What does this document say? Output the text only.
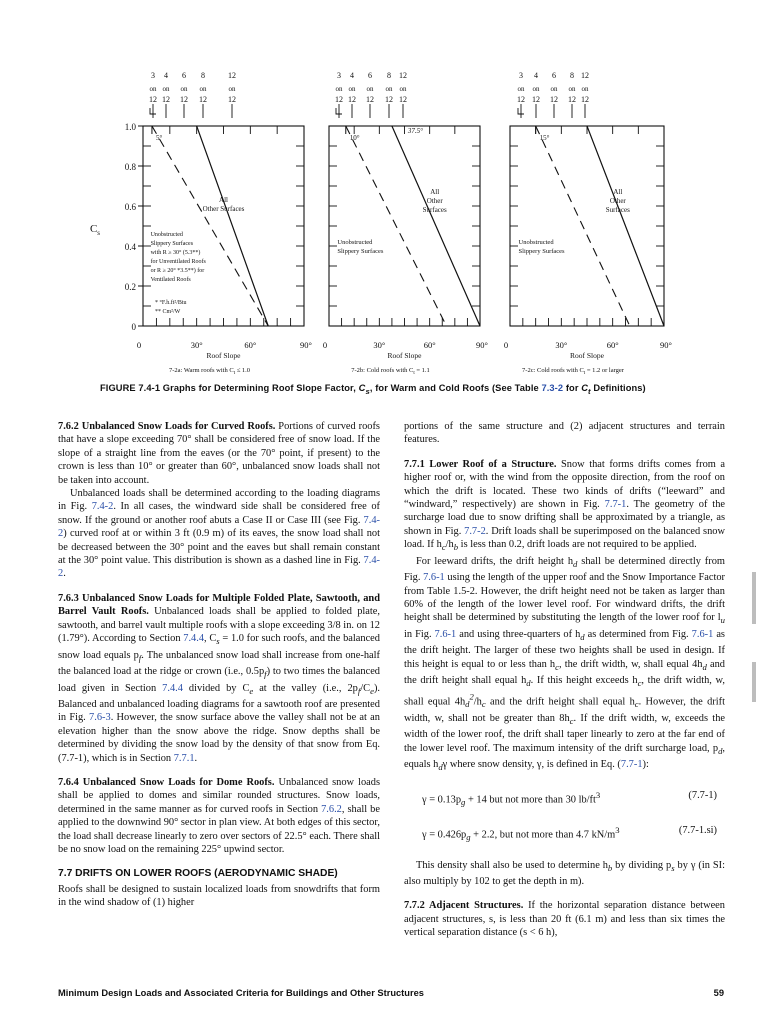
3
on
12
4
on
12
6
on
12
8
on
12
12
on
12
0	30°	60°	90°
Roof Slope
7-2a: Warm roofs with $C_t \le 1.0$
5°
All
Other Surfaces
Unobstructed
Slippery Surfaces
with R ≥ 30° (5.3**)
for Unventilated Roofs
or R ≥ 20° *3.5**) for
Ventilated Roofs
3
on
12
4
on
12
6
on
12
8
on
12
12
on
12
0	30°	60°	90°
Roof Slope
7-2b: Cold roofs with $C_t = 1.1$
10°
All
Other
Surfaces
Unobstructed
Slippery Surfaces
3
on
12
4
on
12
6
on
12
8
on
12
12
on
12
0	30°	60°	90°
Roof Slope
7-2c: Cold roofs with $C_t = 1.2$ or larger
15°
All
Other
Surfaces
Unobstructed
Slippery Surfaces
* °F.h.ft²/Btu
** Cm²/W
37.5°
1.0
0.8
0.6
0.4
0.2
0
$C_s$
FIGURE 7.4-1 Graphs for Determining Roof Slope Factor, $C_s$, for Warm and Cold Roofs (See Table 7.3-2 for $C_t$ Definitions)

7.6.2 Unbalanced Snow Loads for Curved Roofs. Portions of curved roofs that have a slope exceeding 70° shall be considered free of snow load. If the slope of a straight line from the eaves (or the 70° point, if present) to the crown is less than 10° or greater than 60°, unbalanced snow loads shall not be taken into account.

Unbalanced loads shall be determined according to the loading diagrams in Fig. 7.4-2. In all cases, the windward side shall be considered free of snow. If the ground or another roof abuts a Case II or Case III (see Fig. 7.4-2) curved roof at or within 3 ft (0.9 m) of its eaves, the snow load shall not be decreased between the 30° point and the eaves but shall remain constant at the 30° point value. This distribution is shown as a dashed line in Fig. 7.4-2.

7.6.3 Unbalanced Snow Loads for Multiple Folded Plate, Sawtooth, and Barrel Vault Roofs. Unbalanced loads shall be applied to folded plate, sawtooth, and barrel vault multiple roofs with a slope exceeding 3/8 in. on 12 (1.79°). According to Section 7.4.4, $C_s = 1.0$ for such roofs, and the balanced snow load equals $p_f$. The unbalanced snow load shall increase from one-half the balanced load at the ridge or crown (i.e., $0.5p_f$) to two times the balanced load given in Section 7.4.4 divided by $C_e$ at the valley (i.e., $2p_f/C_e$). Balanced and unbalanced loading diagrams for a sawtooth roof are presented in Fig. 7.6-3. However, the snow surface above the valley shall not be at an elevation higher than the snow above the ridge. Snow depths shall be determined by dividing the snow load by the density of that snow from Eq. (7.7-1), which is in Section 7.7.1.

7.6.4 Unbalanced Snow Loads for Dome Roofs. Unbalanced snow loads shall be applied to domes and similar rounded structures. Snow loads, determined in the same manner as for curved roofs in Section 7.6.2, shall be applied to the downwind 90° sector in plan view. At both edges of this sector, the load shall decrease linearly to zero over sectors of 22.5° each. There shall be no snow load on the remaining 225° upwind sector.

7.7 DRIFTS ON LOWER ROOFS (AERODYNAMIC SHADE)

Roofs shall be designed to sustain localized loads from snowdrifts that form in the wind shadow of (1) higher

portions of the same structure and (2) adjacent structures and terrain features.

7.7.1 Lower Roof of a Structure. Snow that forms drifts comes from a higher roof or, with the wind from the opposite direction, from the roof on which the drift is located. These two kinds of drifts (“leeward” and “windward,” respectively) are shown in Fig. 7.7-1. The geometry of the surcharge load due to snow drifting shall be approximated by a triangle, as shown in Fig. 7.7-2. Drift loads shall be superimposed on the balanced snow load. If $h_c/h_b$ is less than 0.2, drift loads are not required to be applied.

For leeward drifts, the drift height $h_d$ shall be determined directly from Fig. 7.6-1 using the length of the upper roof and the Snow Importance Factor from Table 1.5-2. However, the drift height need not be taken as larger than 60% of the length of the lower level roof. For windward drifts, the drift height shall be determined by substituting the length of the lower roof for $l_u$ in Fig. 7.6-1 and using three-quarters of $h_d$ as determined from Fig. 7.6-1 as the drift height. The larger of these two heights shall be used in design. If this height is equal to or less than $h_c$, the drift width, w, shall equal $4h_d$ and the drift height shall equal $h_d$. If this height exceeds $h_c$, the drift width, w, shall equal $4h_d^2/h_c$ and the drift height shall equal $h_c$. However, the drift width, w, shall not be greater than $8h_c$. If the drift width, w, exceeds the width of the lower roof, the drift shall taper linearly to zero at the far end of the lower level roof. The maximum intensity of the drift surcharge load, $p_d$, equals $h_d\gamma$ where snow density, γ, is defined in Eq. (7.7-1):

$\gamma = 0.13p_g + 14$ but not more than 30 $lb/ft^3$	(7.7-1)
$\gamma = 0.426p_g + 2.2$, but not more than 4.7 $kN/m^3$	(7.7-1.si)

This density shall also be used to determine $h_b$ by dividing $p_s$ by γ (in SI: also multiply by 102 to get the depth in m).

7.7.2 Adjacent Structures. If the horizontal separation distance between adjacent structures, s, is less than 20 ft (6.1 m) and less than six times the vertical separation distance (s < 6 h),

Minimum Design Loads and Associated Criteria for Buildings and Other Structures	59
